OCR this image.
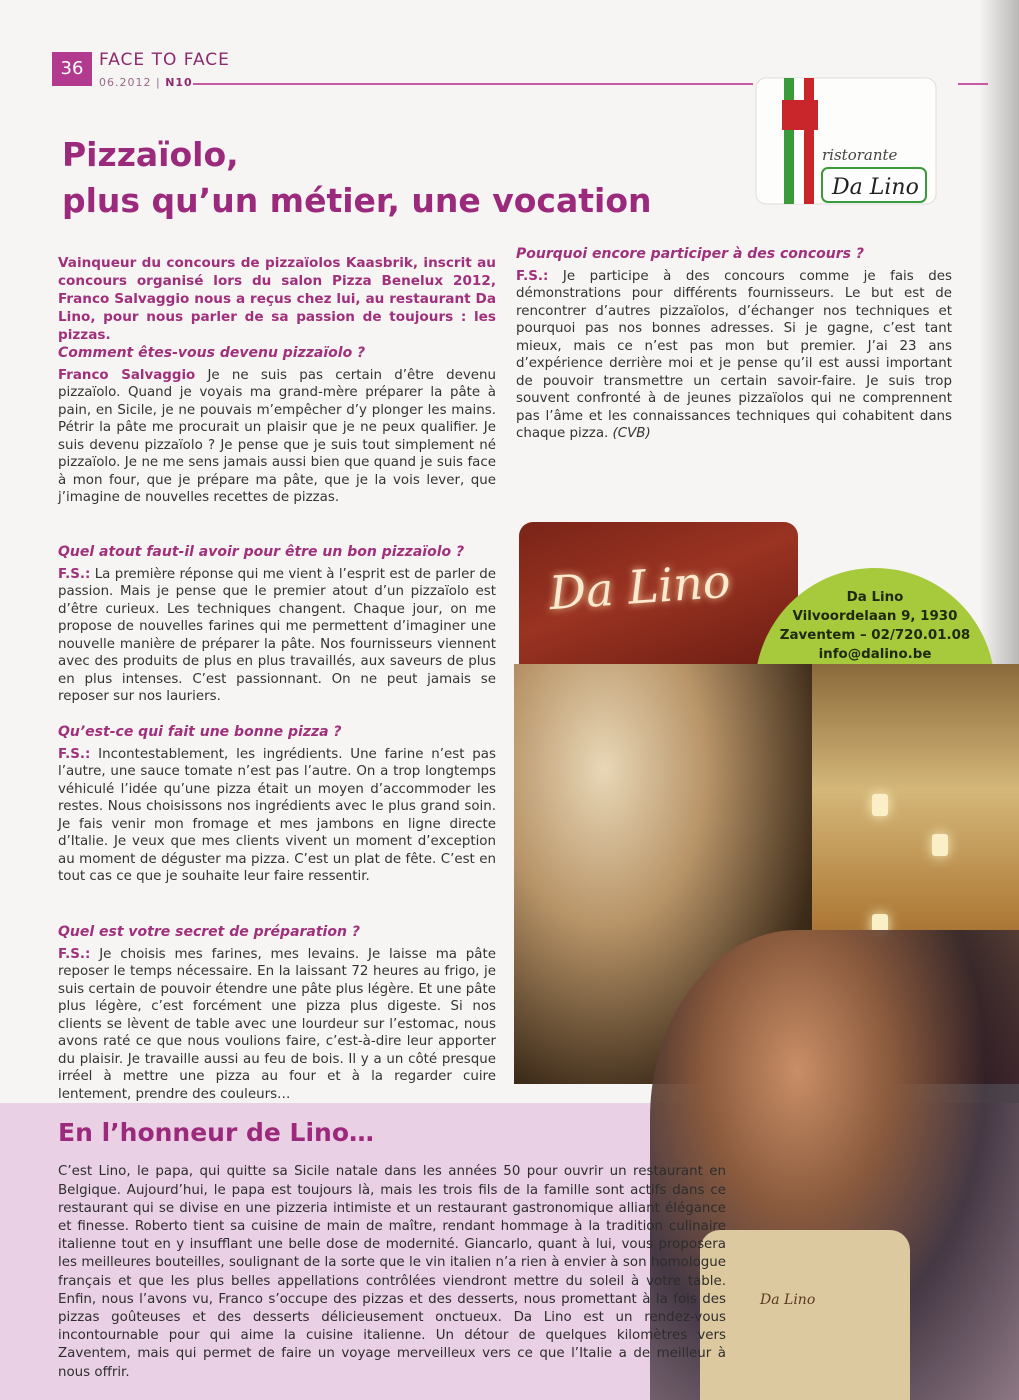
36 FACE TO FACE
06.2012 | N10
ristorante
Da Lino
Pizzaïolo,
plus qu’un métier, une vocation

Vainqueur du concours de pizzaïolos Kaasbrik, inscrit au concours organisé lors du salon Pizza Benelux 2012, Franco Salvaggio nous a reçus chez lui, au restaurant Da Lino, pour nous parler de sa passion de toujours : les pizzas.

Comment êtes-vous devenu pizzaïolo ?

Franco Salvaggio Je ne suis pas certain d’être devenu pizzaïolo. Quand je voyais ma grand-mère préparer la pâte à pain, en Sicile, je ne pouvais m’empêcher d’y plonger les mains. Pétrir la pâte me procurait un plaisir que je ne peux qualifier. Je suis devenu pizzaïolo ? Je pense que je suis tout simplement né pizzaïolo. Je ne me sens jamais aussi bien que quand je suis face à mon four, que je prépare ma pâte, que je la vois lever, que j’imagine de nouvelles recettes de pizzas.

Quel atout faut-il avoir pour être un bon pizzaïolo ?

F.S.: La première réponse qui me vient à l’esprit est de parler de passion. Mais je pense que le premier atout d’un pizzaïolo est d’être curieux. Les techniques changent. Chaque jour, on me propose de nouvelles farines qui me permettent d’imaginer une nouvelle manière de préparer la pâte. Nos fournisseurs viennent avec des produits de plus en plus travaillés, aux saveurs de plus en plus intenses. C’est passionnant. On ne peut jamais se reposer sur nos lauriers.

Qu’est-ce qui fait une bonne pizza ?

F.S.: Incontestablement, les ingrédients. Une farine n’est pas l’autre, une sauce tomate n’est pas l’autre. On a trop longtemps véhiculé l’idée qu’une pizza était un moyen d’accommoder les restes. Nous choisissons nos ingrédients avec le plus grand soin. Je fais venir mon fromage et mes jambons en ligne directe d’Italie. Je veux que mes clients vivent un moment d’exception au moment de déguster ma pizza. C’est un plat de fête. C’est en tout cas ce que je souhaite leur faire ressentir.

Quel est votre secret de préparation ?

F.S.: Je choisis mes farines, mes levains. Je laisse ma pâte reposer le temps nécessaire. En la laissant 72 heures au frigo, je suis certain de pouvoir étendre une pâte plus légère. Et une pâte plus légère, c’est forcément une pizza plus digeste. Si nos clients se lèvent de table avec une lourdeur sur l’estomac, nous avons raté ce que nous voulions faire, c’est-à-dire leur apporter du plaisir. Je travaille aussi au feu de bois. Il y a un côté presque irréel à mettre une pizza au four et à la regarder cuire lentement, prendre des couleurs…

Pourquoi encore participer à des concours ?

F.S.: Je participe à des concours comme je fais des démonstrations pour différents fournisseurs. Le but est de rencontrer d’autres pizzaïolos, d’échanger nos techniques et pourquoi pas nos bonnes adresses. Si je gagne, c’est tant mieux, mais ce n’est pas mon but premier. J’ai 23 ans d’expérience derrière moi et je pense qu’il est aussi important de pouvoir transmettre un certain savoir-faire. Je suis trop souvent confronté à de jeunes pizzaïolos qui ne comprennent pas l’âme et les connaissances techniques qui cohabitent dans chaque pizza. (CVB)

Da Lino	Da Lino
Vilvoordelaan 9, 1930
Zaventem – 02/720.01.08
info@dalino.be
Da Lino
En l’honneur de Lino…

C’est Lino, le papa, qui quitte sa Sicile natale dans les années 50 pour ouvrir un restaurant en Belgique. Aujourd’hui, le papa est toujours là, mais les trois fils de la famille sont actifs dans ce restaurant qui se divise en une pizzeria intimiste et un restaurant gastronomique alliant élégance et finesse. Roberto tient sa cuisine de main de maître, rendant hommage à la tradition culinaire italienne tout en y insufflant une belle dose de modernité. Giancarlo, quant à lui, vous proposera les meilleures bouteilles, soulignant de la sorte que le vin italien n’a rien à envier à son homologue français et que les plus belles appellations contrôlées viendront mettre du soleil à votre table. Enfin, nous l’avons vu, Franco s’occupe des pizzas et des desserts, nous promettant à la fois des pizzas goûteuses et des desserts délicieusement onctueux. Da Lino est un rendez-vous incontournable pour qui aime la cuisine italienne. Un détour de quelques kilomètres vers Zaventem, mais qui permet de faire un voyage merveilleux vers ce que l’Italie a de meilleur à nous offrir.
